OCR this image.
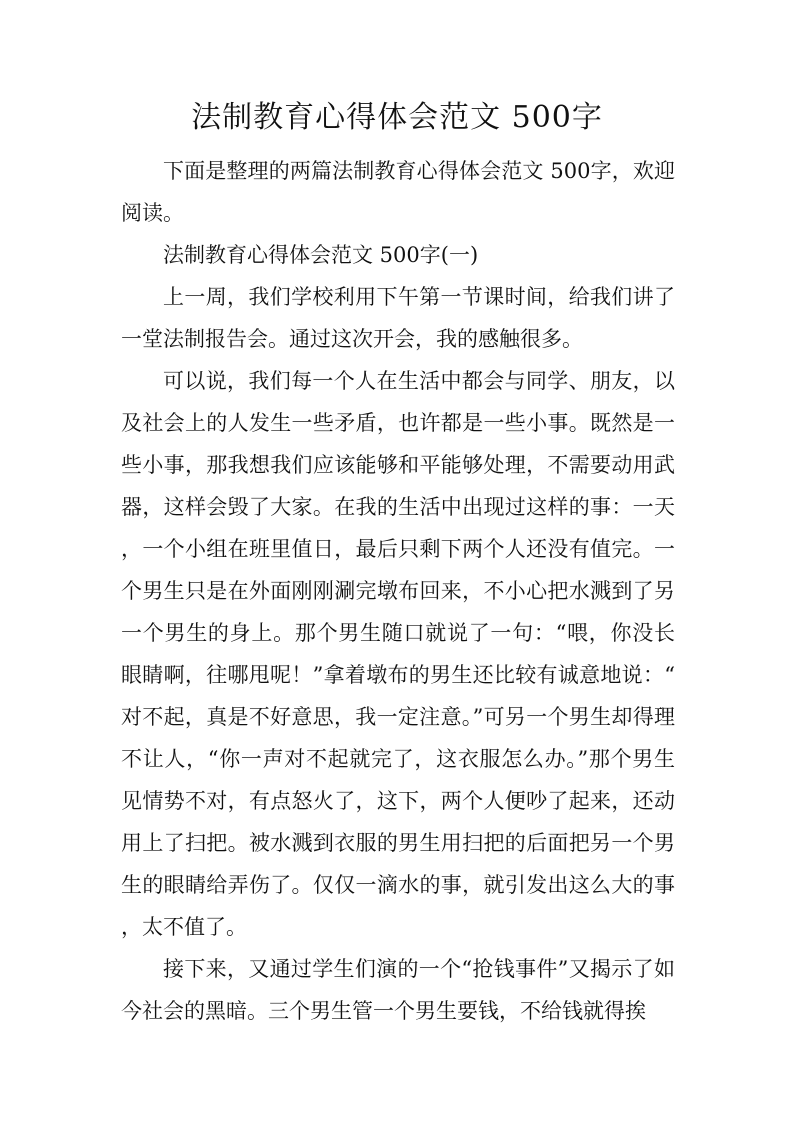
法制教育心得体会范文 500字

下面是整理的两篇法制教育心得体会范文 500字，欢迎阅读。

法制教育心得体会范文 500字(一)

上一周，我们学校利用下午第一节课时间，给我们讲了一堂法制报告会。通过这次开会，我的感触很多。

可以说，我们每一个人在生活中都会与同学、朋友，以及社会上的人发生一些矛盾，也许都是一些小事。既然是一些小事，那我想我们应该能够和平能够处理，不需要动用武器，这样会毁了大家。在我的生活中出现过这样的事：一天，一个小组在班里值日，最后只剩下两个人还没有值完。一个男生只是在外面刚刚涮完墩布回来，不小心把水溅到了另一个男生的身上。那个男生随口就说了一句：“喂，你没长眼睛啊，往哪甩呢！”拿着墩布的男生还比较有诚意地说：“对不起，真是不好意思，我一定注意。”可另一个男生却得理不让人，“你一声对不起就完了，这衣服怎么办。”那个男生见情势不对，有点怒火了，这下，两个人便吵了起来，还动用上了扫把。被水溅到衣服的男生用扫把的后面把另一个男生的眼睛给弄伤了。仅仅一滴水的事，就引发出这么大的事，太不值了。

接下来，又通过学生们演的一个“抢钱事件”又揭示了如今社会的黑暗。三个男生管一个男生要钱，不给钱就得挨
